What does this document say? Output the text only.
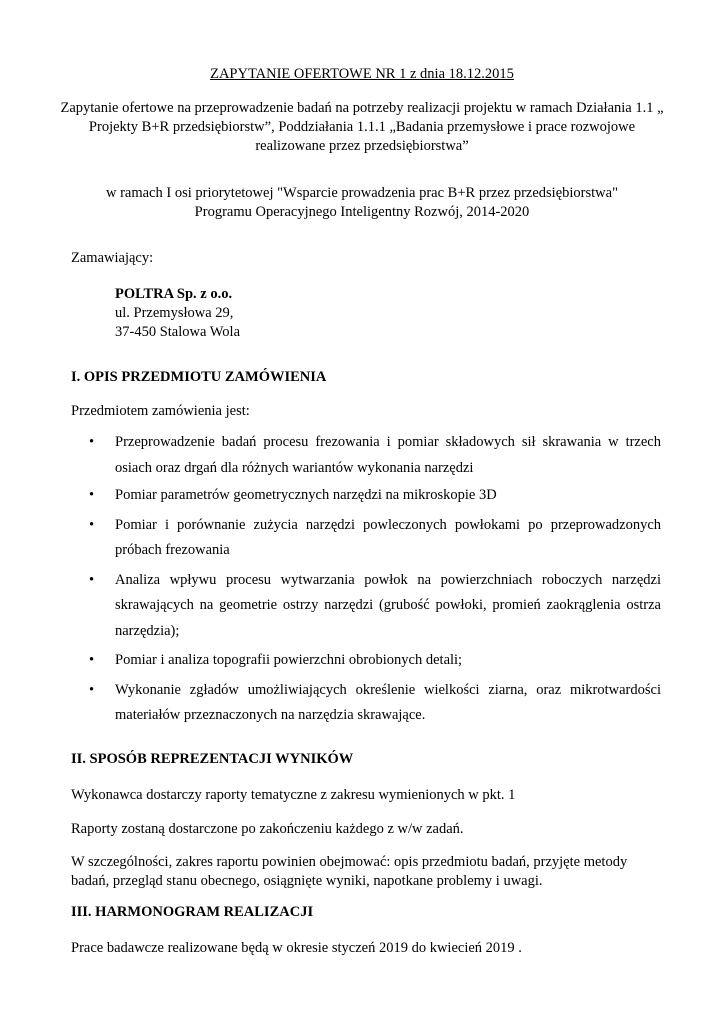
ZAPYTANIE OFERTOWE NR 1 z dnia 18.12.2015
Zapytanie ofertowe na przeprowadzenie badań na potrzeby realizacji projektu w ramach Działania 1.1 „ Projekty B+R przedsiębiorstw”, Poddziałania 1.1.1 „Badania przemysłowe i prace rozwojowe realizowane przez przedsiębiorstwa”
w ramach I osi priorytetowej "Wsparcie prowadzenia prac B+R przez przedsiębiorstwa"
Programu Operacyjnego Inteligentny Rozwój, 2014-2020
Zamawiający:
POLTRA Sp. z o.o.
ul. Przemysłowa 29,
37-450 Stalowa Wola
I. OPIS PRZEDMIOTU ZAMÓWIENIA
Przedmiotem zamówienia jest:
• Przeprowadzenie badań procesu frezowania i pomiar składowych sił skrawania w trzech osiach oraz drgań dla różnych wariantów wykonania narzędzi
• Pomiar parametrów geometrycznych narzędzi na mikroskopie 3D
• Pomiar i porównanie zużycia narzędzi powleczonych powłokami po przeprowadzonych próbach frezowania
• Analiza wpływu procesu wytwarzania powłok na powierzchniach roboczych narzędzi skrawających na geometrie ostrzy narzędzi (grubość powłoki, promień zaokrąglenia ostrza narzędzia);
• Pomiar i analiza topografii powierzchni obrobionych detali;
• Wykonanie zgładów umożliwiających określenie wielkości ziarna, oraz mikrotwardości materiałów przeznaczonych na narzędzia skrawające.
II. SPOSÓB REPREZENTACJI WYNIKÓW
Wykonawca dostarczy raporty tematyczne z zakresu wymienionych w pkt. 1
Raporty zostaną dostarczone po zakończeniu każdego z w/w zadań.
W szczególności, zakres raportu powinien obejmować: opis przedmiotu badań, przyjęte metody badań, przegląd stanu obecnego, osiągnięte wyniki, napotkane problemy i uwagi.
III. HARMONOGRAM REALIZACJI
Prace badawcze realizowane będą w okresie styczeń 2019 do kwiecień 2019 .
